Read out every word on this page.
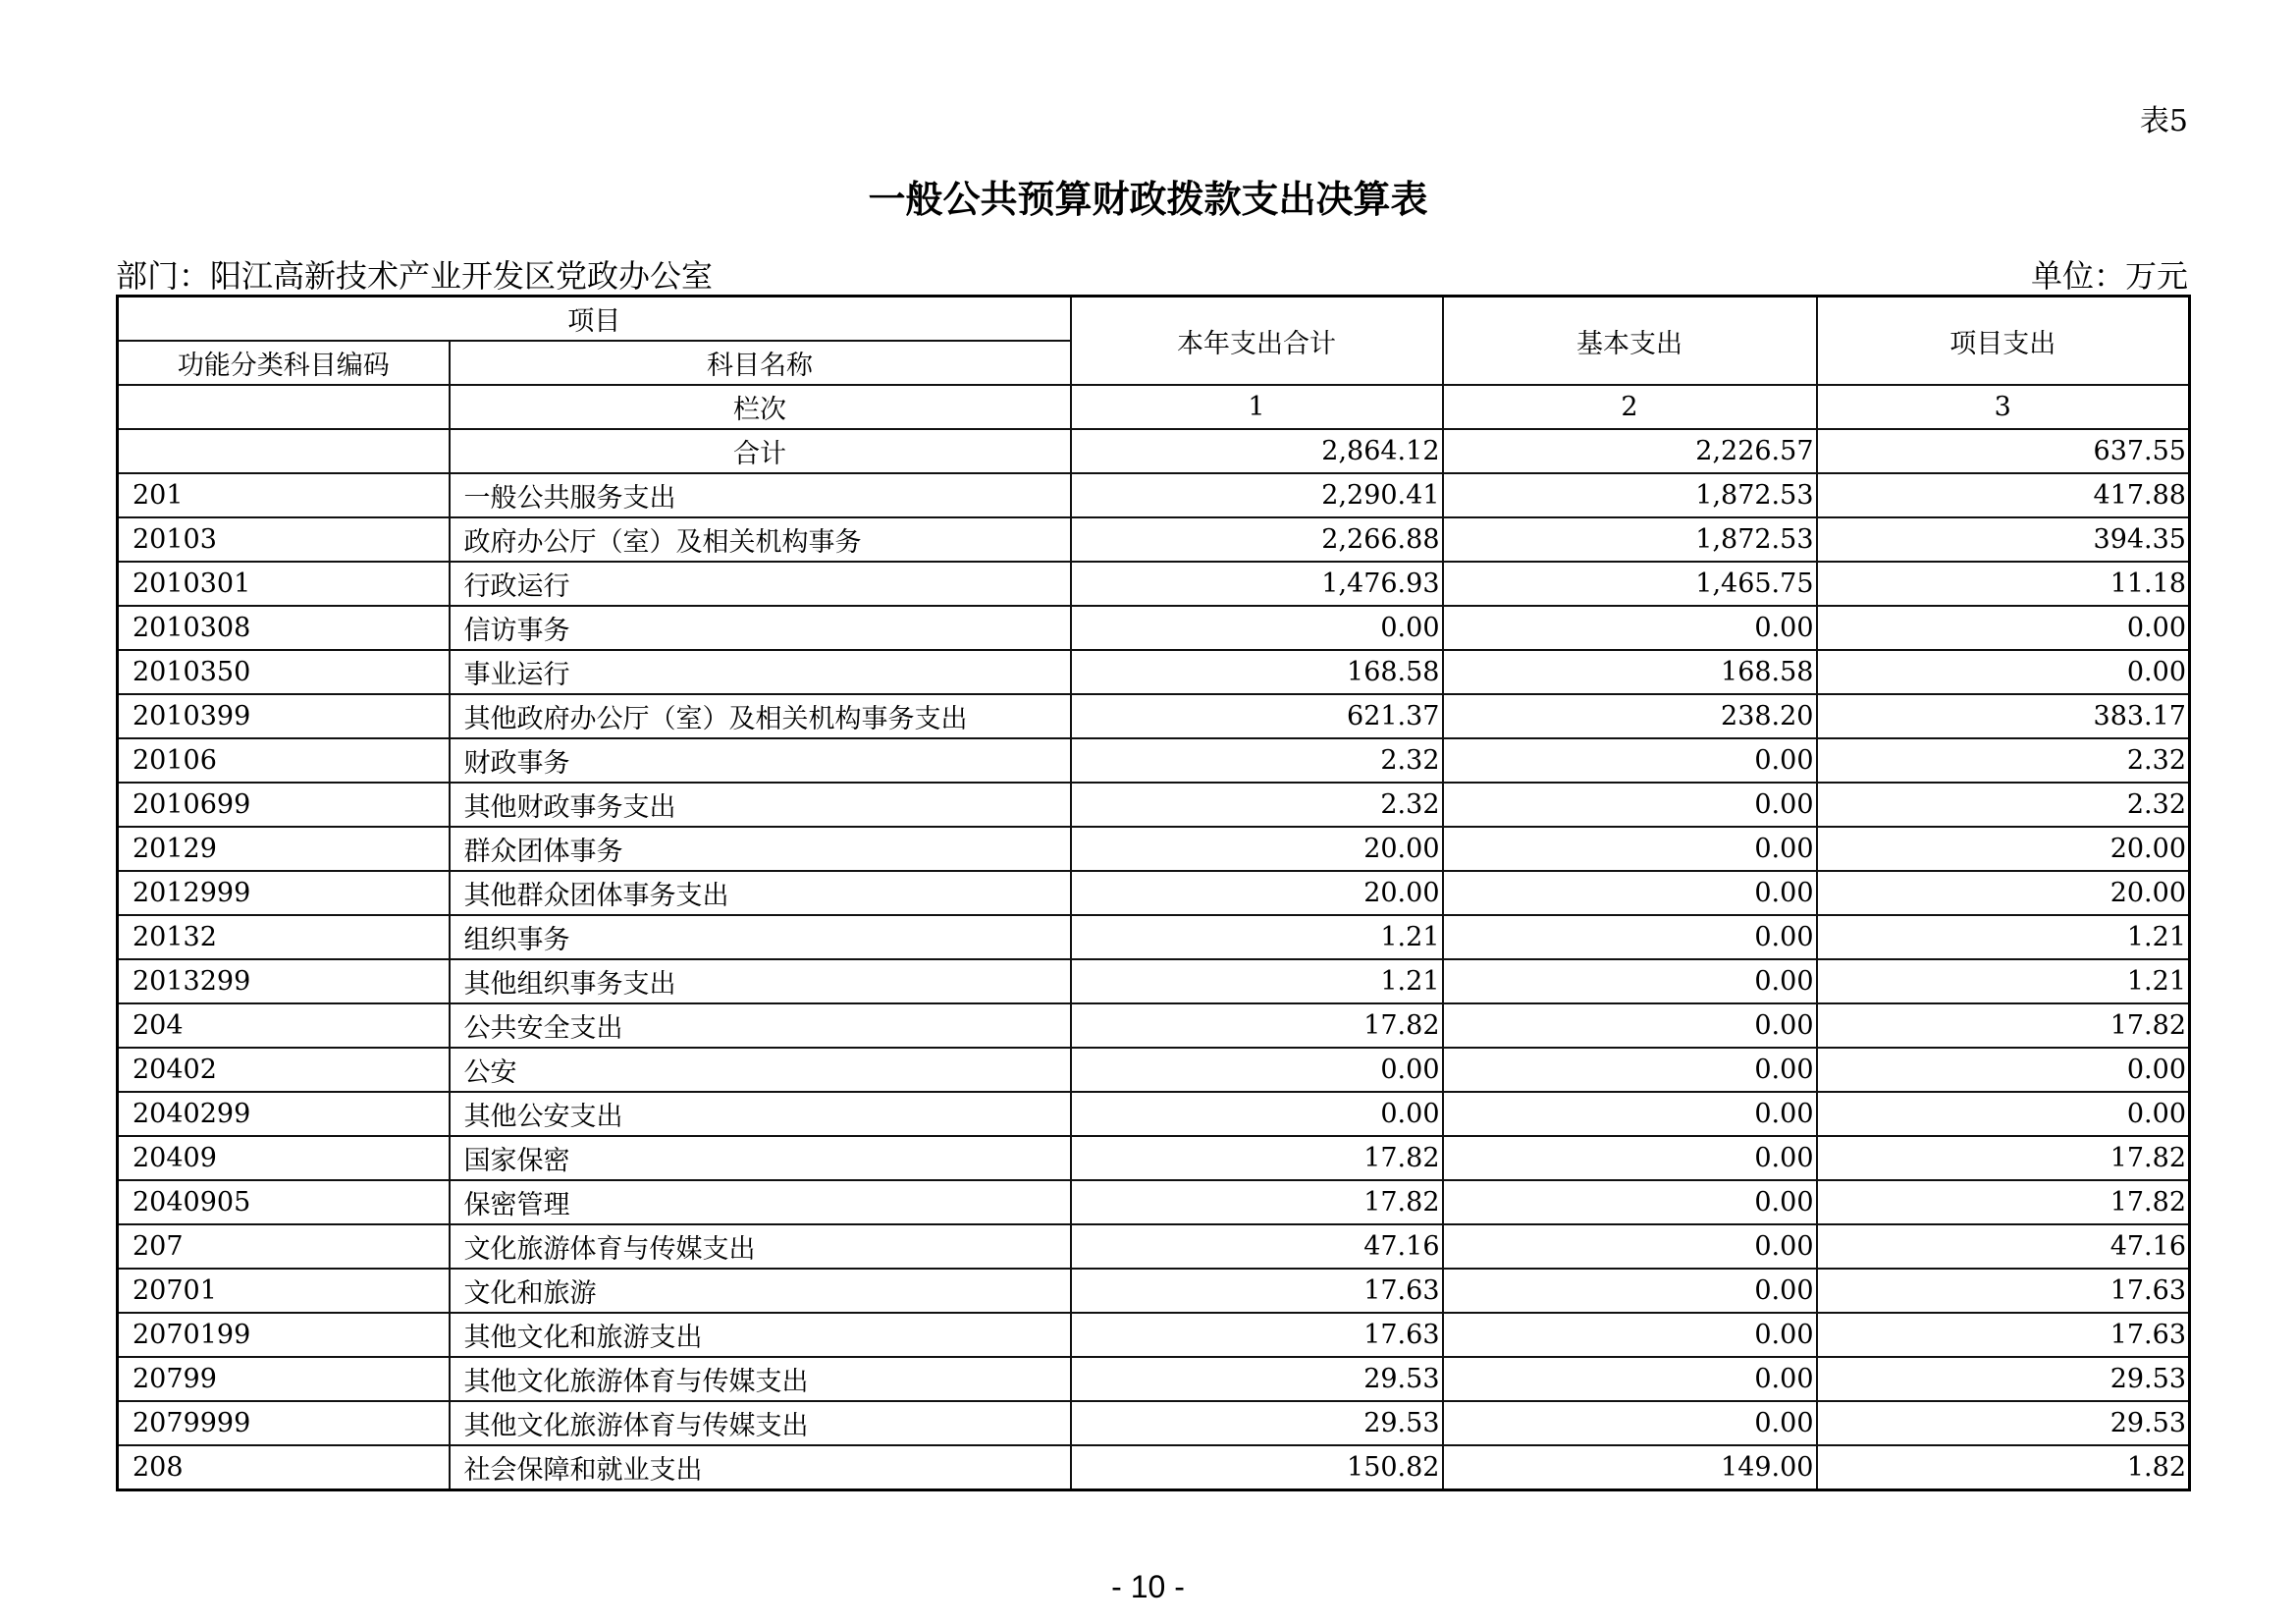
表5
一般公共预算财政拨款支出决算表
部门：阳江高新技术产业开发区党政办公室	单位：万元
项目		本年支出合计	基本支出	项目支出
功能分类科目编码	科目名称			
	栏次	1	2	3
	合计	2,864.12	2,226.57	637.55
201	一般公共服务支出	2,290.41	1,872.53	417.88
20103	政府办公厅（室）及相关机构事务	2,266.88	1,872.53	394.35
2010301	行政运行	1,476.93	1,465.75	11.18
2010308	信访事务	0.00	0.00	0.00
2010350	事业运行	168.58	168.58	0.00
2010399	其他政府办公厅（室）及相关机构事务支出	621.37	238.20	383.17
20106	财政事务	2.32	0.00	2.32
2010699	其他财政事务支出	2.32	0.00	2.32
20129	群众团体事务	20.00	0.00	20.00
2012999	其他群众团体事务支出	20.00	0.00	20.00
20132	组织事务	1.21	0.00	1.21
2013299	其他组织事务支出	1.21	0.00	1.21
204	公共安全支出	17.82	0.00	17.82
20402	公安	0.00	0.00	0.00
2040299	其他公安支出	0.00	0.00	0.00
20409	国家保密	17.82	0.00	17.82
2040905	保密管理	17.82	0.00	17.82
207	文化旅游体育与传媒支出	47.16	0.00	47.16
20701	文化和旅游	17.63	0.00	17.63
2070199	其他文化和旅游支出	17.63	0.00	17.63
20799	其他文化旅游体育与传媒支出	29.53	0.00	29.53
2079999	其他文化旅游体育与传媒支出	29.53	0.00	29.53
208	社会保障和就业支出	150.82	149.00	1.82
- 10 -
